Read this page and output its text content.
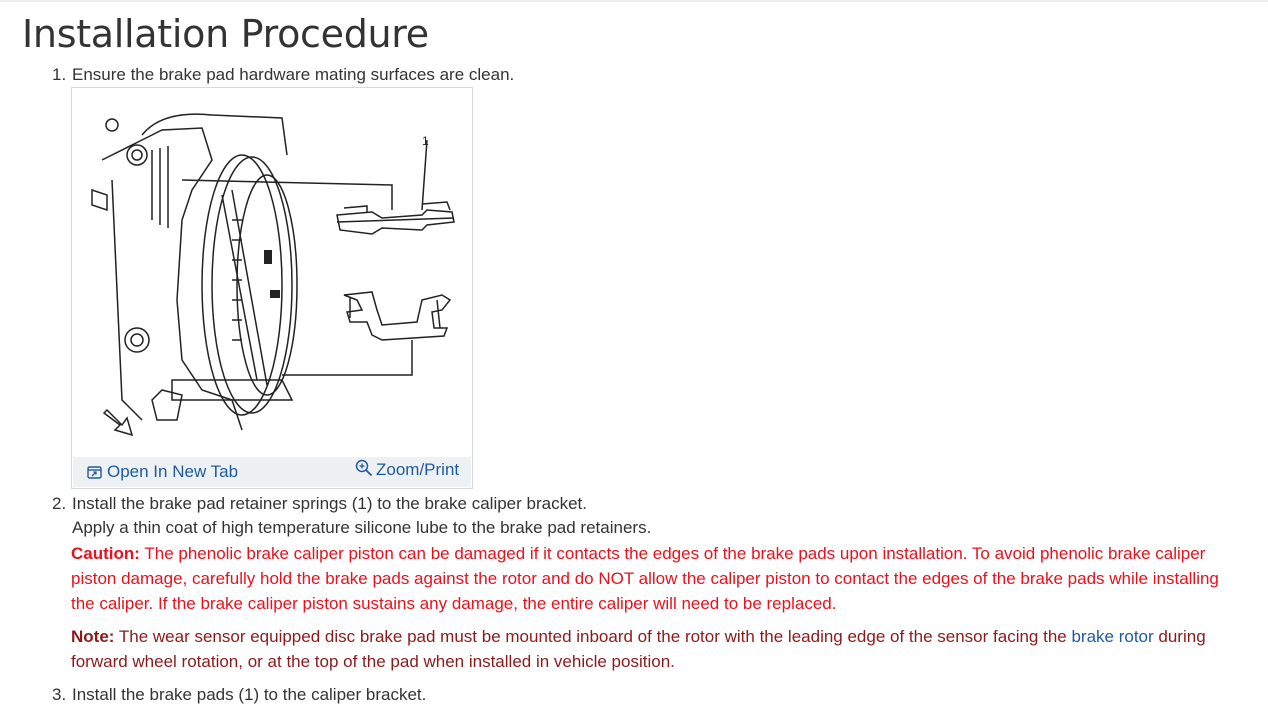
Installation Procedure
1. Ensure the brake pad hardware mating surfaces are clean.
1
Open In New Tab	Zoom/Print
2. Install the brake pad retainer springs (1) to the brake caliper bracket.
Apply a thin coat of high temperature silicone lube to the brake pad retainers.
Caution: The phenolic brake caliper piston can be damaged if it contacts the edges of the brake pads upon installation. To avoid phenolic brake caliper piston damage, carefully hold the brake pads against the rotor and do NOT allow the caliper piston to contact the edges of the brake pads while installing the caliper. If the brake caliper piston sustains any damage, the entire caliper will need to be replaced.
Note: The wear sensor equipped disc brake pad must be mounted inboard of the rotor with the leading edge of the sensor facing the brake rotor during forward wheel rotation, or at the top of the pad when installed in vehicle position.
3. Install the brake pads (1) to the caliper bracket.
